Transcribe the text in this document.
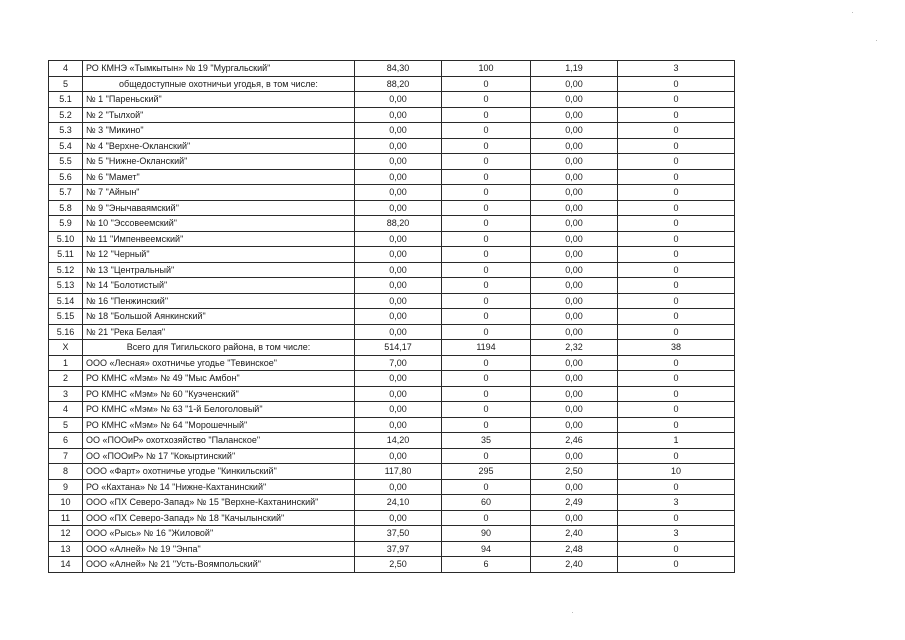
4	РО КМНЭ «Тымкытын» № 19 "Мургальский"	84,30	100	1,19	3
5	общедоступные охотничьи угодья, в том числе:	88,20	0	0,00	0
5.1	№ 1 "Пареньский"	0,00	0	0,00	0
5.2	№ 2 "Тылхой"	0,00	0	0,00	0
5.3	№ 3 "Микино"	0,00	0	0,00	0
5.4	№ 4 "Верхне-Окланский"	0,00	0	0,00	0
5.5	№ 5 "Нижне-Окланский"	0,00	0	0,00	0
5.6	№ 6 "Мамет"	0,00	0	0,00	0
5.7	№ 7 "Айнын"	0,00	0	0,00	0
5.8	№ 9 "Энычаваямский"	0,00	0	0,00	0
5.9	№ 10 "Эссовеемский"	88,20	0	0,00	0
5.10	№ 11 "Импенвеемский"	0,00	0	0,00	0
5.11	№ 12 "Черный"	0,00	0	0,00	0
5.12	№ 13 "Центральный"	0,00	0	0,00	0
5.13	№ 14 "Болотистый"	0,00	0	0,00	0
5.14	№ 16 "Пенжинский"	0,00	0	0,00	0
5.15	№ 18 "Большой Аянкинский"	0,00	0	0,00	0
5.16	№ 21 "Река Белая"	0,00	0	0,00	0
X	Всего для Тигильского района, в том числе:	514,17	1194	2,32	38
1	ООО «Лесная» охотничье угодье "Тевинское"	7,00	0	0,00	0
2	РО КМНС «Мэм» № 49 "Мыс Амбон"	0,00	0	0,00	0
3	РО КМНС «Мэм» № 60 "Куэченский"	0,00	0	0,00	0
4	РО КМНС «Мэм» № 63 "1-й Белоголовый"	0,00	0	0,00	0
5	РО КМНС «Мэм» № 64 "Морошечный"	0,00	0	0,00	0
6	ОО «ПООиР» охотхозяйство "Паланское"	14,20	35	2,46	1
7	ОО «ПООиР» № 17 "Кокыртинский"	0,00	0	0,00	0
8	ООО «Фарт» охотничье угодье "Кинкильский"	117,80	295	2,50	10
9	РО «Кахтана» № 14 "Нижне-Кахтанинский"	0,00	0	0,00	0
10	ООО «ПХ Северо-Запад» № 15 "Верхне-Кахтанинский"	24,10	60	2,49	3
11	ООО «ПХ Северо-Запад» № 18 "Качылынский"	0,00	0	0,00	0
12	ООО «Рысь» № 16 "Жиловой"	37,50	90	2,40	3
13	ООО «Алней» № 19 "Энпа"	37,97	94	2,48	0
14	ООО «Алней» № 21 "Усть-Воямпольский"	2,50	6	2,40	0
